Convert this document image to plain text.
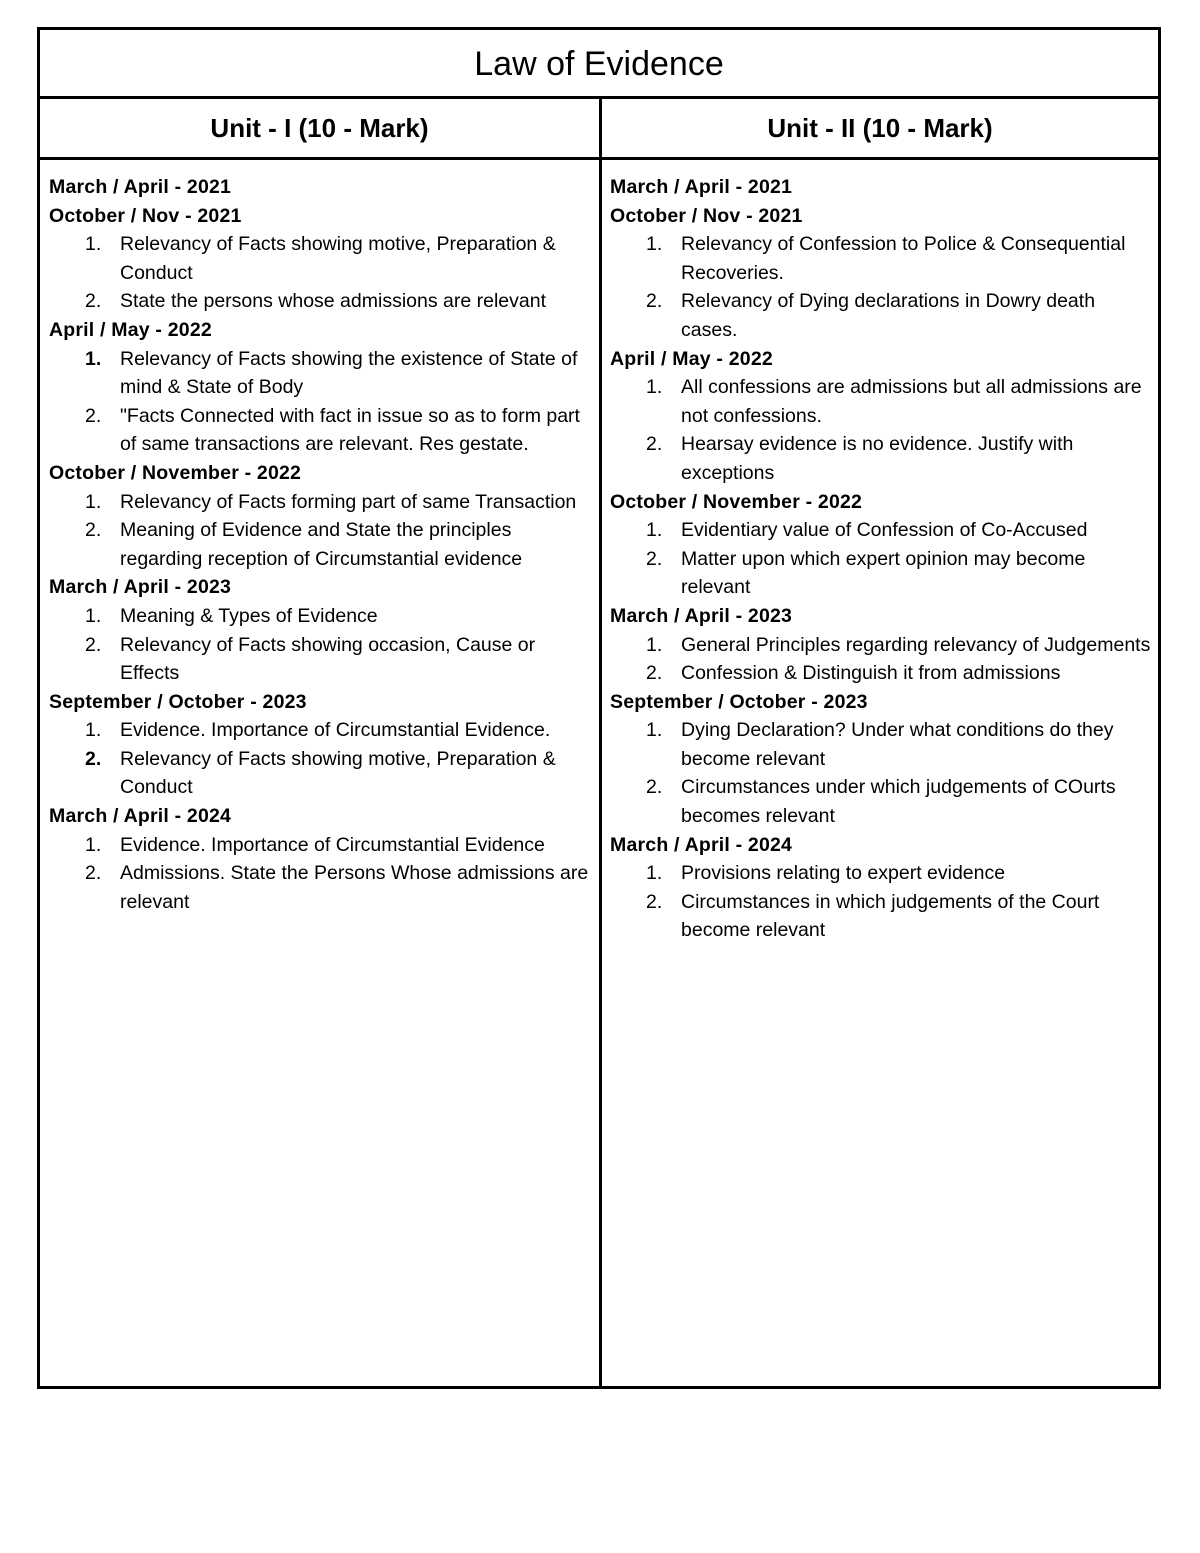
Law of Evidence
Unit - I (10 - Mark)	Unit - II (10 - Mark)
March / April - 2021
October / Nov - 2021
1. Relevancy of Facts showing motive, Preparation & Conduct
2. State the persons whose admissions are relevant
April / May - 2022
1. Relevancy of Facts showing the existence of State of mind & State of Body
2. "Facts Connected with fact in issue so as to form part of same transactions are relevant. Res gestate.
October / November - 2022
1. Relevancy of Facts forming part of same Transaction
2. Meaning of Evidence and State the principles regarding reception of Circumstantial evidence
March / April - 2023
1. Meaning & Types of Evidence
2. Relevancy of Facts showing occasion, Cause or Effects
September / October - 2023
1. Evidence. Importance of Circumstantial Evidence.
2. Relevancy of Facts showing motive, Preparation & Conduct
March / April - 2024
1. Evidence. Importance of Circumstantial Evidence
2. Admissions. State the Persons Whose admissions are relevant
March / April - 2021
October / Nov - 2021
1. Relevancy of Confession to Police & Consequential Recoveries.
2. Relevancy of Dying declarations in Dowry death cases.
April / May - 2022
1. All confessions are admissions but all admissions are not confessions.
2. Hearsay evidence is no evidence. Justify with exceptions
October / November - 2022
1. Evidentiary value of Confession of Co-Accused
2. Matter upon which expert opinion may become relevant
March / April - 2023
1. General Principles regarding relevancy of Judgements
2. Confession & Distinguish it from admissions
September / October - 2023
1. Dying Declaration? Under what conditions do they become relevant
2. Circumstances under which judgements of COurts becomes relevant
March / April - 2024
1. Provisions relating to expert evidence
2. Circumstances in which judgements of the Court become relevant
